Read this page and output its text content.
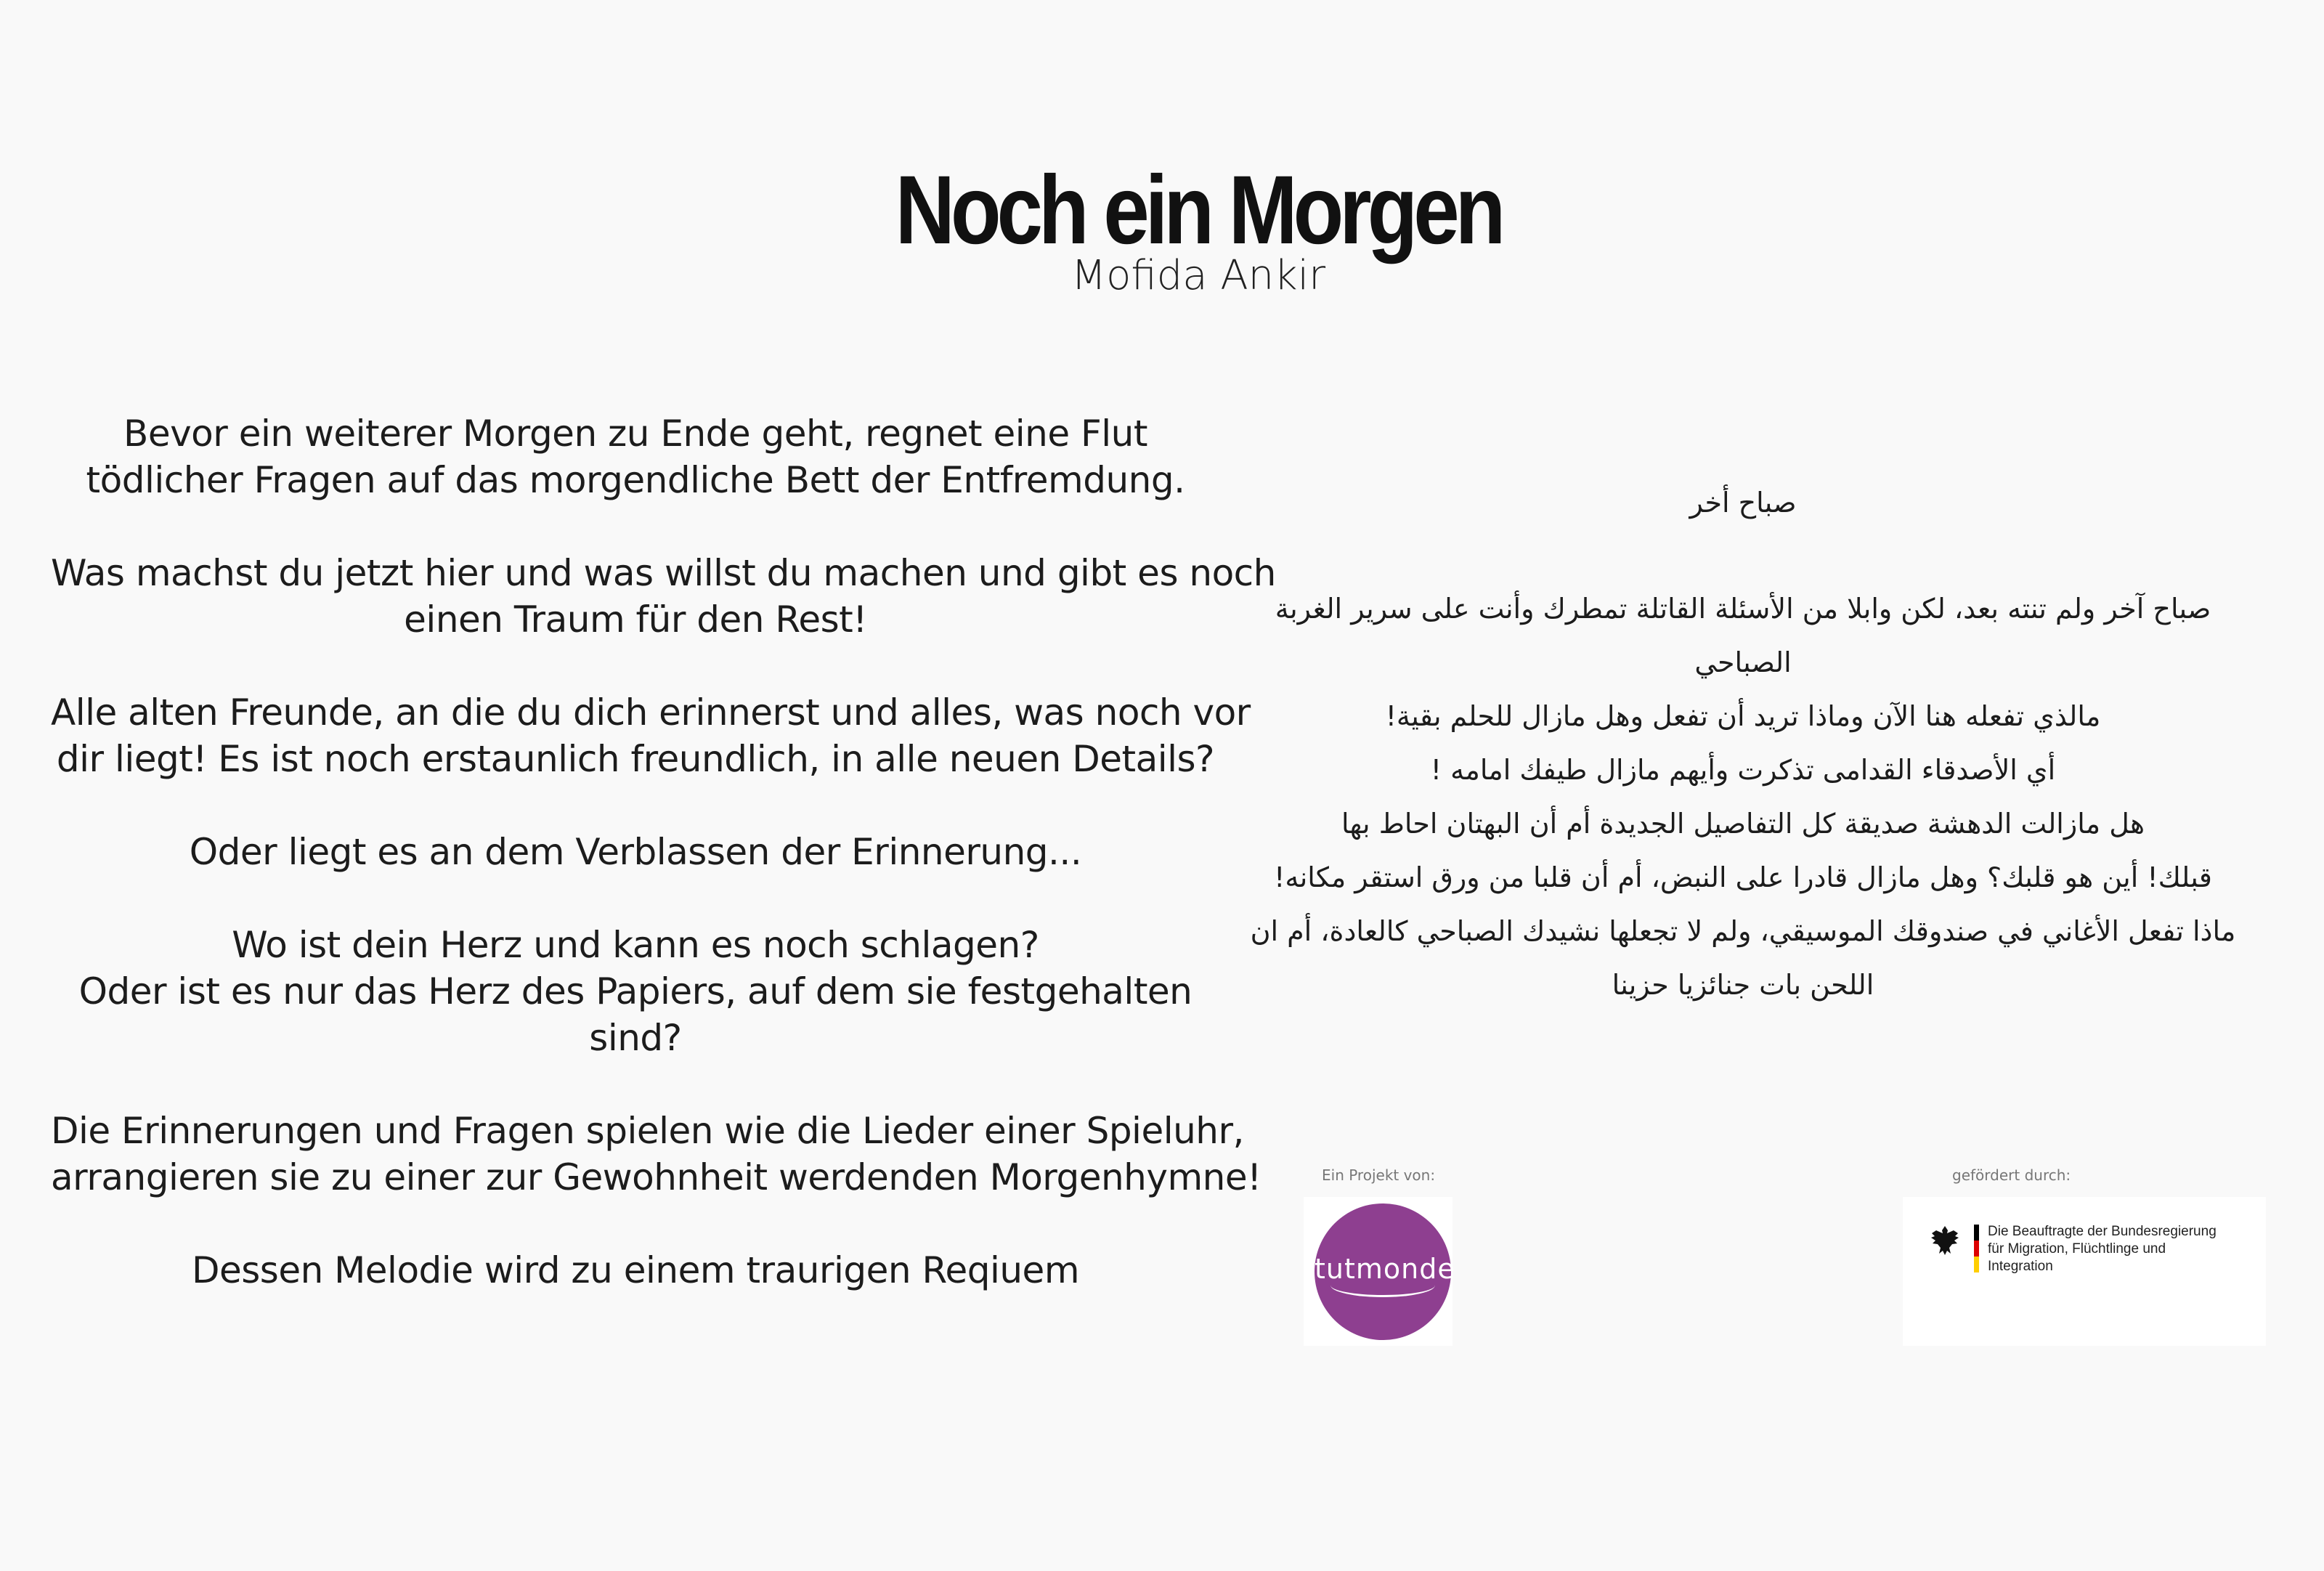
Noch ein Morgen
Mofida Ankir
Bevor ein weiterer Morgen zu Ende geht, regnet eine Flut
tödlicher Fragen auf das morgendliche Bett der Entfremdung.
Was machst du jetzt hier und was willst du machen und gibt es noch
einen Traum für den Rest!
Alle alten Freunde, an die du dich erinnerst und alles, was noch vor
dir liegt! Es ist noch erstaunlich freundlich, in alle neuen Details?
Oder liegt es an dem Verblassen der Erinnerung...
Wo ist dein Herz und kann es noch schlagen?
Oder ist es nur das Herz des Papiers, auf dem sie festgehalten
sind?
Die Erinnerungen und Fragen spielen wie die Lieder einer Spieluhr,
arrangieren sie zu einer zur Gewohnheit werdenden Morgenhymne!
Dessen Melodie wird zu einem traurigen Reqiuem
صباح أخر
صباح آخر ولم تنته بعد، لكن وابلا من الأسئلة القاتلة تمطرك وأنت على سرير الغربة
الصباحي
مالذي تفعله هنا الآن وماذا تريد أن تفعل وهل مازال للحلم بقية!
أي الأصدقاء القدامى تذكرت وأيهم مازال طيفك امامه !
هل مازالت الدهشة صديقة كل التفاصيل الجديدة أم أن البهتان احاط بها
قبلك! أين هو قلبك؟ وهل مازال قادرا على النبض، أم أن قلبا من ورق استقر مكانه!
ماذا تفعل الأغاني في صندوقك الموسيقي، ولم لا تجعلها نشيدك الصباحي كالعادة، أم ان
اللحن بات جنائزيا حزينا
Ein Projekt von:
tutmonde
gefördert durch:
Die Beauftragte der Bundesregierung
für Migration, Flüchtlinge und
Integration
